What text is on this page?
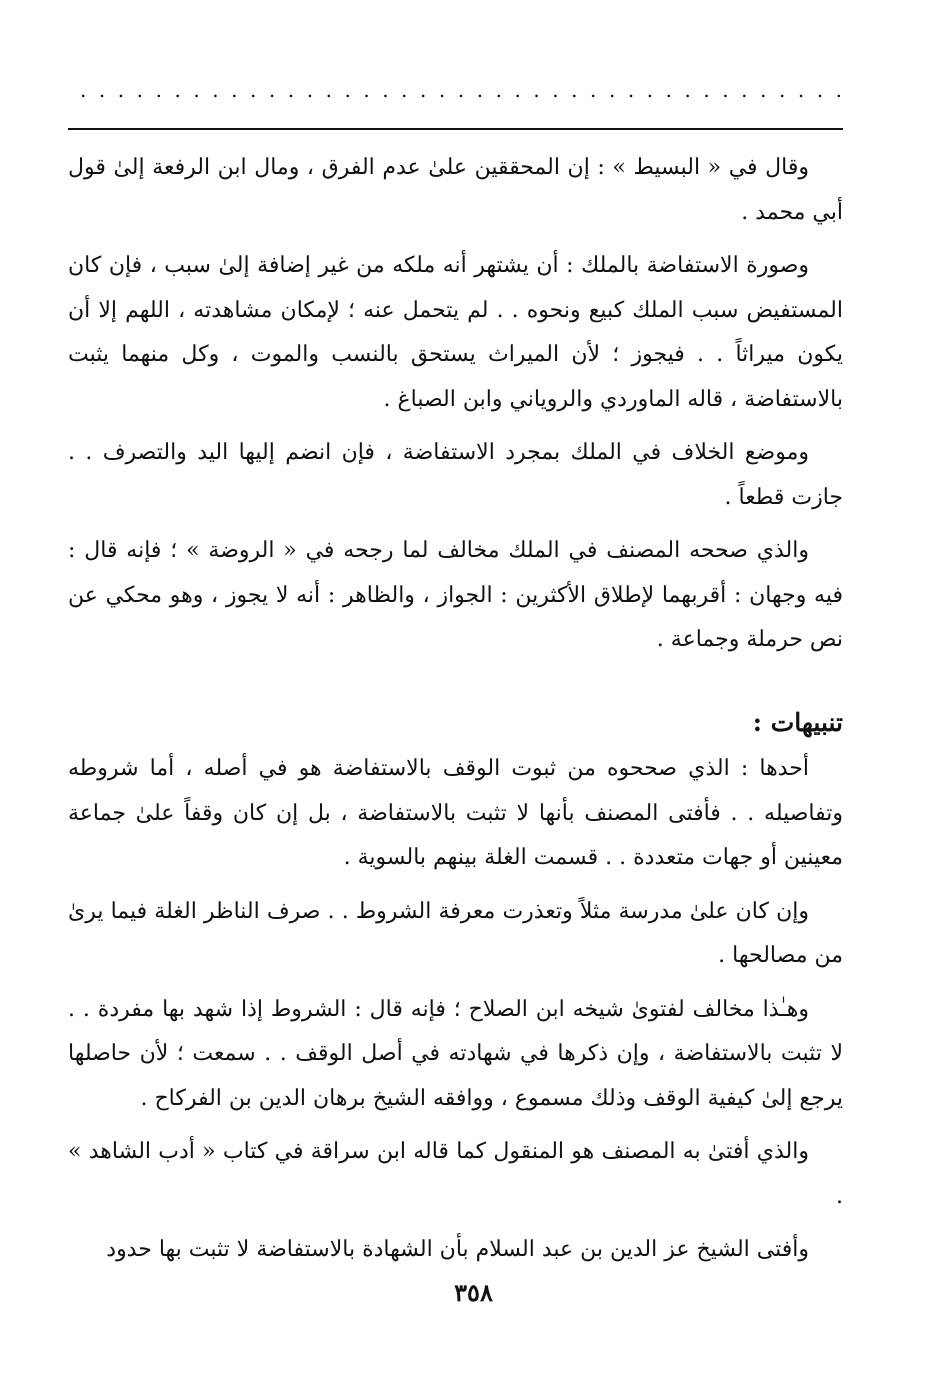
. . . . . . . . . . . . . . . . . . . . . . . . . . . . . . . . . . . . . . . . .

وقال في « البسيط » : إن المحققين علىٰ عدم الفرق ، ومال ابن الرفعة إلىٰ قول أبي محمد .

وصورة الاستفاضة بالملك : أن يشتهر أنه ملكه من غير إضافة إلىٰ سبب ، فإن كان المستفيض سبب الملك كبيع ونحوه . . لم يتحمل عنه ؛ لإمكان مشاهدته ، اللهم إلا أن يكون ميراثاً . . فيجوز ؛ لأن الميراث يستحق بالنسب والموت ، وكل منهما يثبت بالاستفاضة ، قاله الماوردي والروياني وابن الصباغ .

وموضع الخلاف في الملك بمجرد الاستفاضة ، فإن انضم إليها اليد والتصرف . . جازت قطعاً .

والذي صححه المصنف في الملك مخالف لما رجحه في « الروضة » ؛ فإنه قال : فيه وجهان : أقربهما لإطلاق الأكثرين : الجواز ، والظاهر : أنه لا يجوز ، وهو محكي عن نص حرملة وجماعة .

تنبيهات :

أحدها : الذي صححوه من ثبوت الوقف بالاستفاضة هو في أصله ، أما شروطه وتفاصيله . . فأفتى المصنف بأنها لا تثبت بالاستفاضة ، بل إن كان وقفاً علىٰ جماعة معينين أو جهات متعددة . . قسمت الغلة بينهم بالسوية .

وإن كان علىٰ مدرسة مثلاً وتعذرت معرفة الشروط . . صرف الناظر الغلة فيما يرىٰ من مصالحها .

وهـٰذا مخالف لفتوىٰ شيخه ابن الصلاح ؛ فإنه قال : الشروط إذا شهد بها مفردة . . لا تثبت بالاستفاضة ، وإن ذكرها في شهادته في أصل الوقف . . سمعت ؛ لأن حاصلها يرجع إلىٰ كيفية الوقف وذلك مسموع ، ووافقه الشيخ برهان الدين بن الفركاح .

والذي أفتىٰ به المصنف هو المنقول كما قاله ابن سراقة في كتاب « أدب الشاهد » .

وأفتى الشيخ عز الدين بن عبد السلام بأن الشهادة بالاستفاضة لا تثبت بها حدود

٣٥٨
